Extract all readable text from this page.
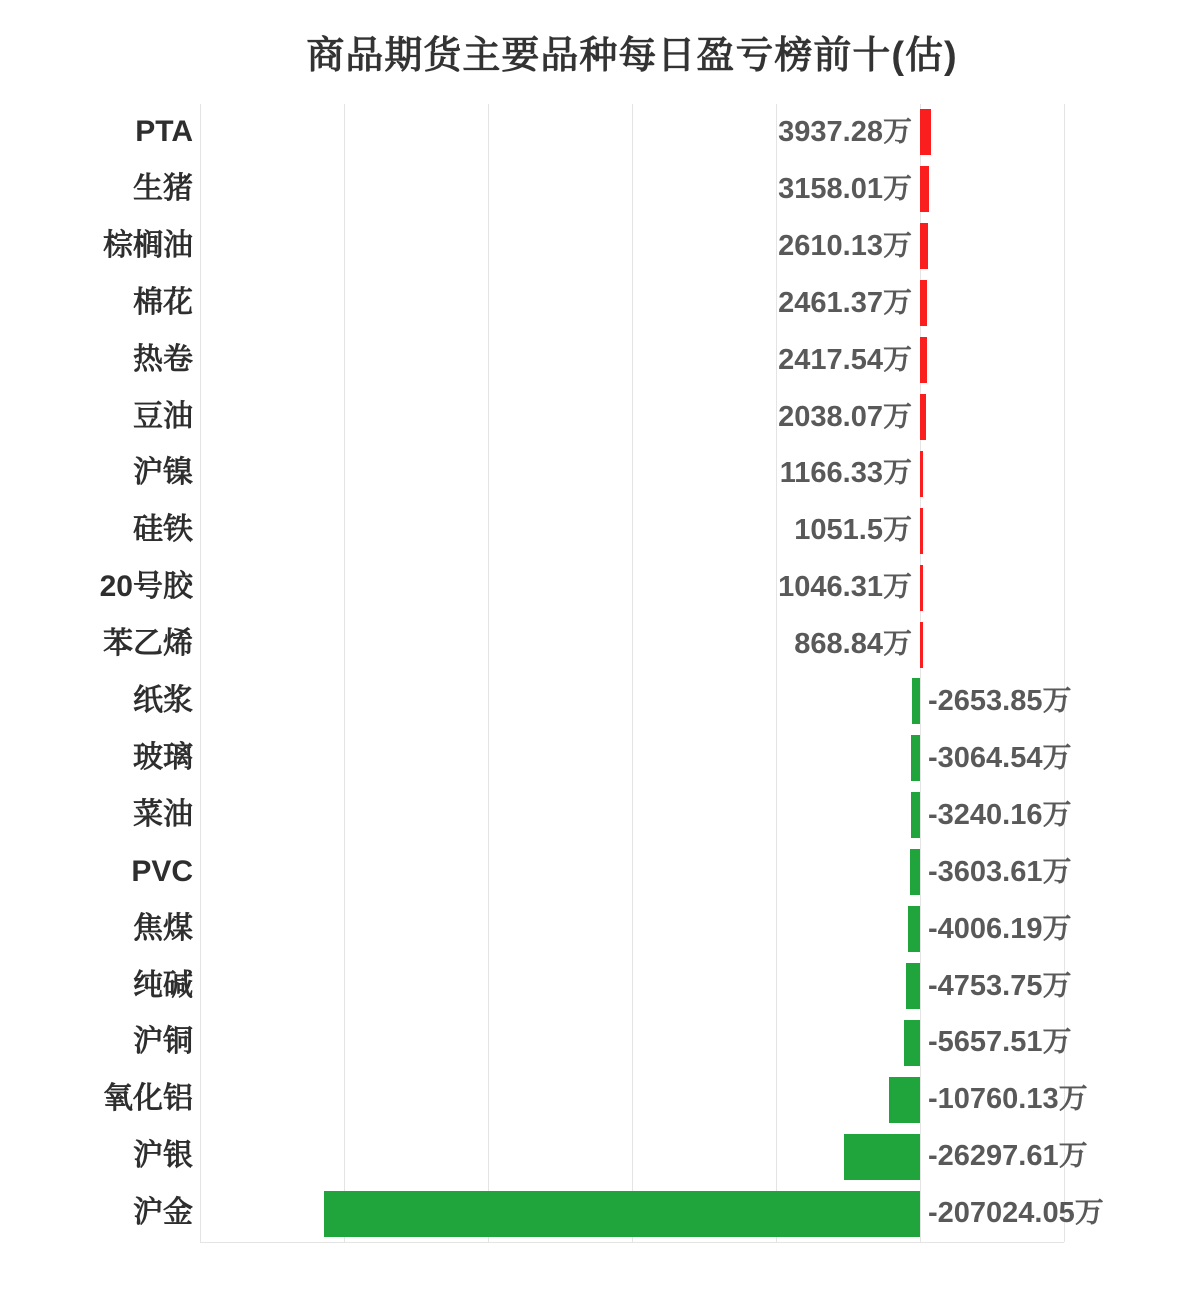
商品期货主要品种每日盈亏榜前十(估)
PTA	3937.28万
生猪	3158.01万
棕榈油	2610.13万
棉花	2461.37万
热卷	2417.54万
豆油	2038.07万
沪镍	1166.33万
硅铁	1051.5万
20号胶	1046.31万
苯乙烯	868.84万
纸浆	-2653.85万
玻璃	-3064.54万
菜油	-3240.16万
PVC	-3603.61万
焦煤	-4006.19万
纯碱	-4753.75万
沪铜	-5657.51万
氧化铝	-10760.13万
沪银	-26297.61万
沪金	-207024.05万
